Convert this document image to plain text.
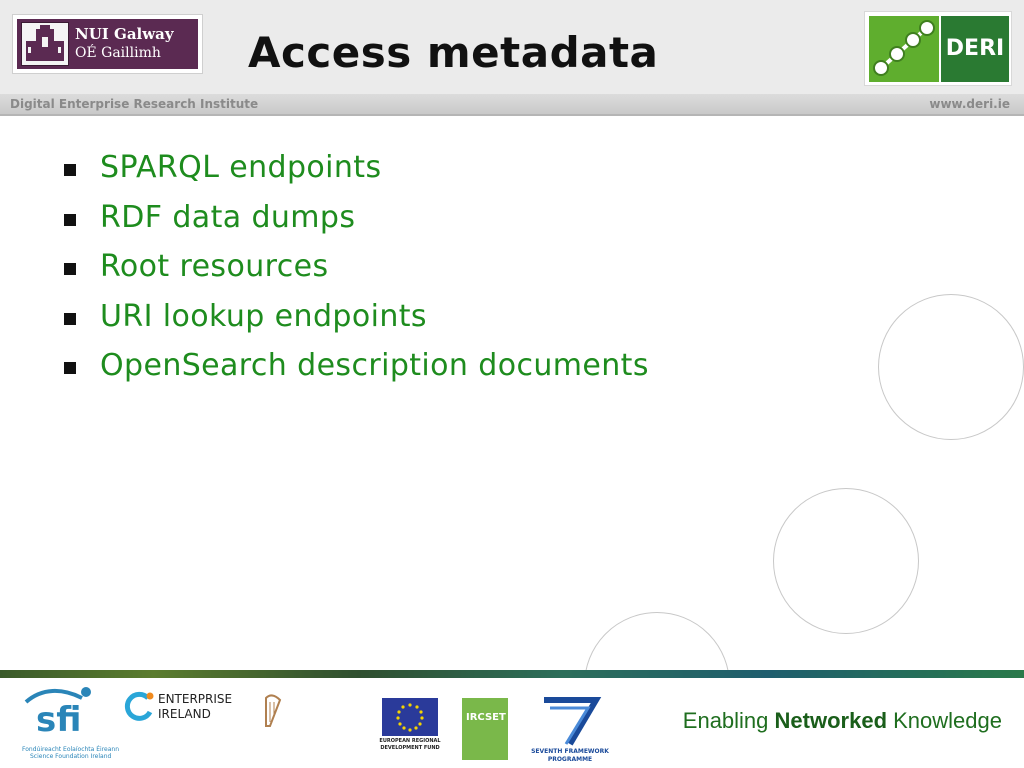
NUI Galway
OÉ Gaillimh Access metadata	DERI
Digital Enterprise Research Institute	www.deri.ie
SPARQL endpoints
RDF data dumps
Root resources
URI lookup endpoints
OpenSearch description documents
sfi
Fondúireacht Eolaíochta Éireann
Science Foundation Ireland
ENTERPRISE
IRELAND
EUROPEAN REGIONAL DEVELOPMENT FUND
IRCSET
SEVENTH FRAMEWORK PROGRAMME
Enabling Networked Knowledge
